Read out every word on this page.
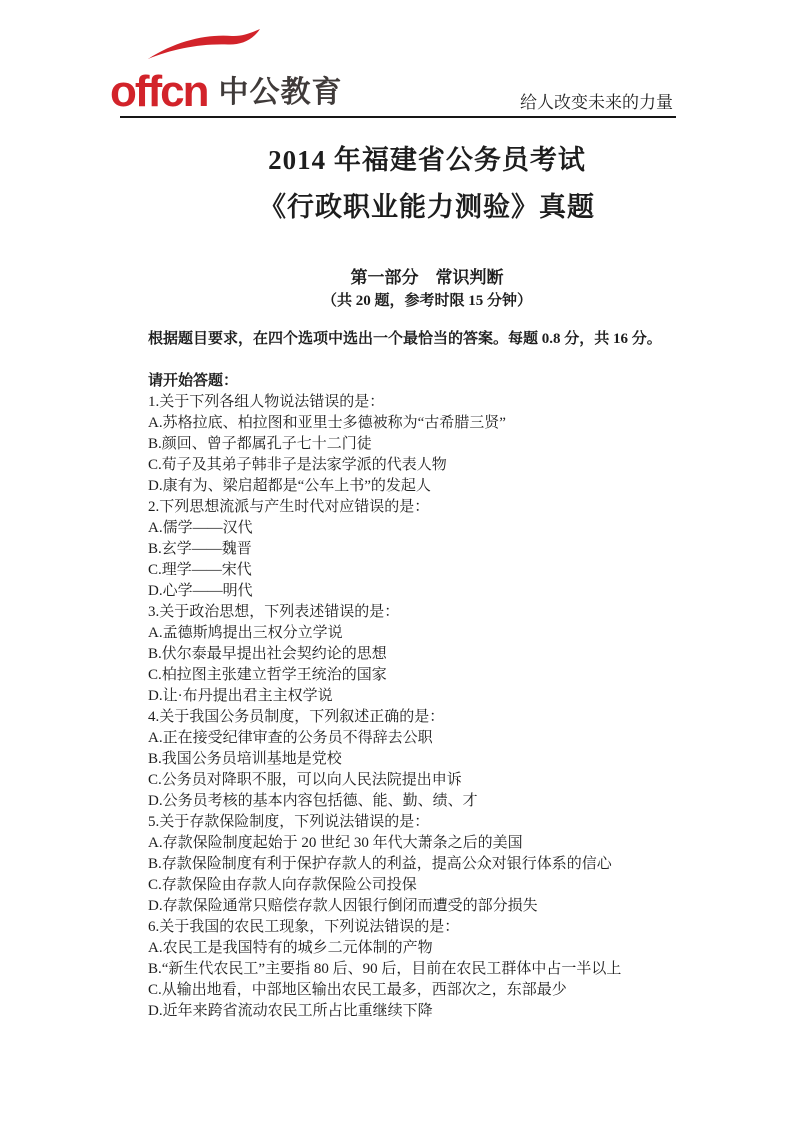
offcn 中公教育	给人改变未来的力量
2014 年福建省公务员考试
《行政职业能力测验》真题
第一部分　常识判断
（共 20 题，参考时限 15 分钟）

根据题目要求，在四个选项中选出一个最恰当的答案。每题 0.8 分，共 16 分。

请开始答题：

1.关于下列各组人物说法错误的是：
A.苏格拉底、柏拉图和亚里士多德被称为“古希腊三贤”
B.颜回、曾子都属孔子七十二门徒
C.荀子及其弟子韩非子是法家学派的代表人物
D.康有为、梁启超都是“公车上书”的发起人
2.下列思想流派与产生时代对应错误的是：
A.儒学——汉代
B.玄学——魏晋
C.理学——宋代
D.心学——明代
3.关于政治思想，下列表述错误的是：
A.孟德斯鸠提出三权分立学说
B.伏尔泰最早提出社会契约论的思想
C.柏拉图主张建立哲学王统治的国家
D.让·布丹提出君主主权学说
4.关于我国公务员制度，下列叙述正确的是：
A.正在接受纪律审查的公务员不得辞去公职
B.我国公务员培训基地是党校
C.公务员对降职不服，可以向人民法院提出申诉
D.公务员考核的基本内容包括德、能、勤、绩、才
5.关于存款保险制度，下列说法错误的是：
A.存款保险制度起始于 20 世纪 30 年代大萧条之后的美国
B.存款保险制度有利于保护存款人的利益，提高公众对银行体系的信心
C.存款保险由存款人向存款保险公司投保
D.存款保险通常只赔偿存款人因银行倒闭而遭受的部分损失
6.关于我国的农民工现象，下列说法错误的是：
A.农民工是我国特有的城乡二元体制的产物
B.“新生代农民工”主要指 80 后、90 后，目前在农民工群体中占一半以上
C.从输出地看，中部地区输出农民工最多，西部次之，东部最少
D.近年来跨省流动农民工所占比重继续下降
